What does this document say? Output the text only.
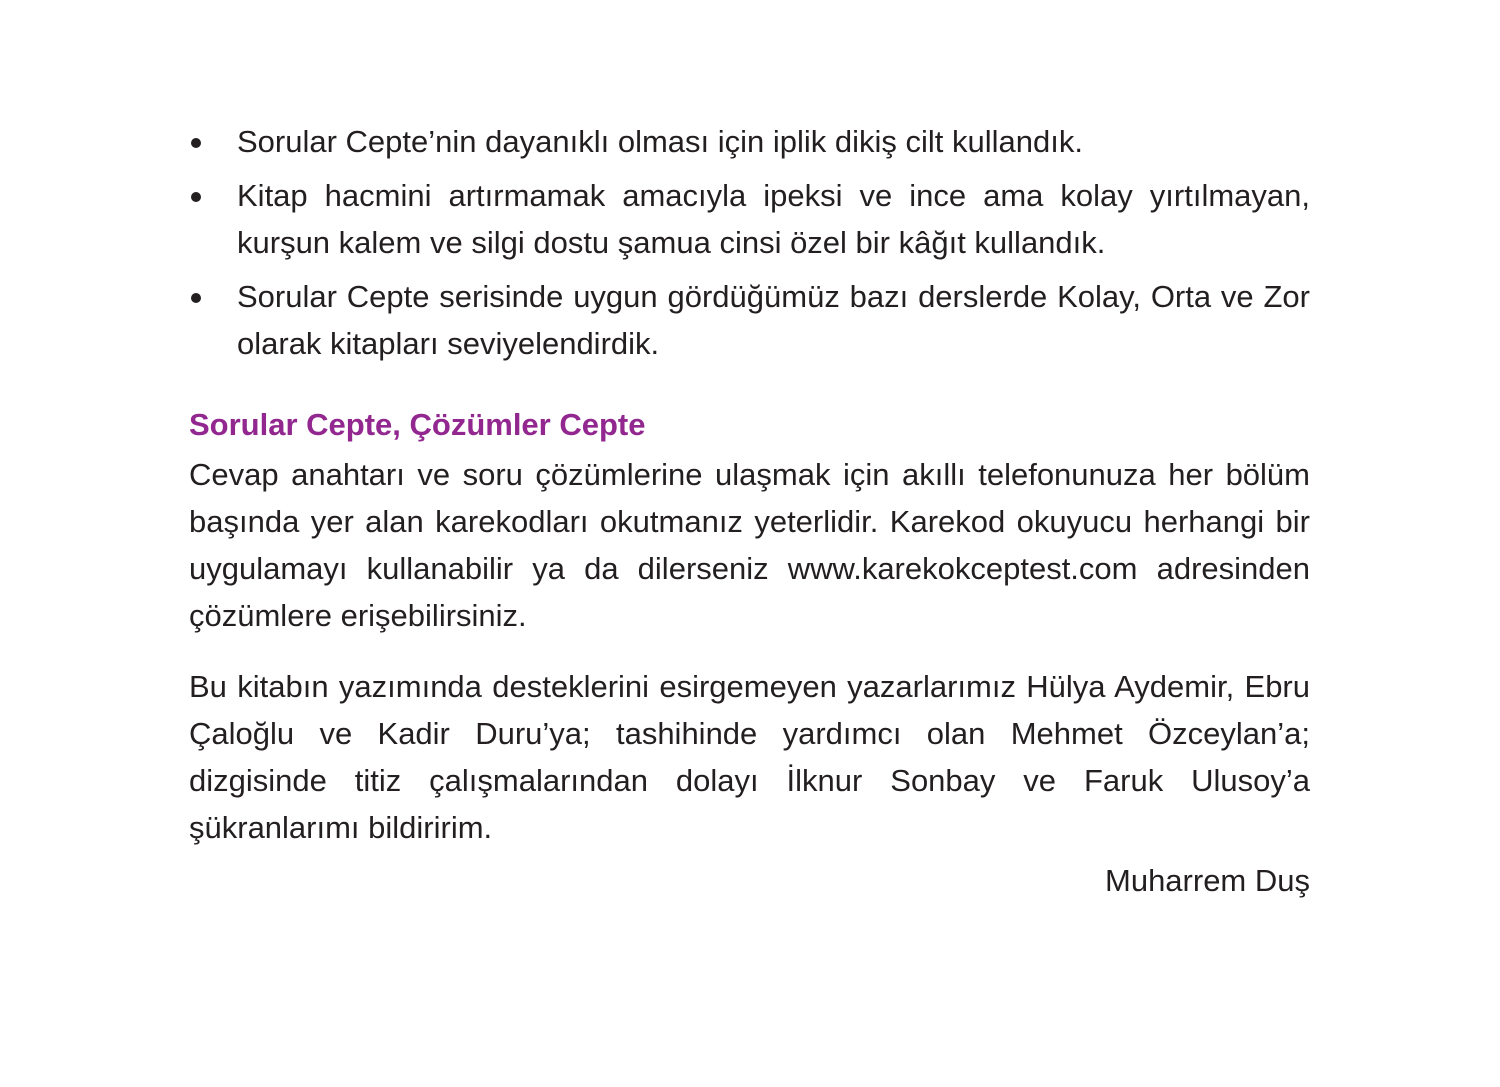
Sorular Cepte’nin dayanıklı olması için iplik dikiş cilt kullandık.
Kitap hacmini artırmamak amacıyla ipeksi ve ince ama kolay yırtılmayan, kurşun kalem ve silgi dostu şamua cinsi özel bir kâğıt kullandık.
Sorular Cepte serisinde uygun gördüğümüz bazı derslerde Kolay, Orta ve Zor olarak kitapları seviyelendirdik.
Sorular Cepte, Çözümler Cepte

Cevap anahtarı ve soru çözümlerine ulaşmak için akıllı telefonunuza her bölüm başında yer alan karekodları okutmanız yeterlidir. Karekod okuyucu herhangi bir uygulamayı kullanabilir ya da dilerseniz www.karekokceptest.com adresinden çözümlere erişebilirsiniz.

Bu kitabın yazımında desteklerini esirgemeyen yazarlarımız Hülya Aydemir, Ebru Çaloğlu ve Kadir Duru’ya; tashihinde yardımcı olan Mehmet Özceylan’a; dizgisinde titiz çalışmalarından dolayı İlknur Sonbay ve Faruk Ulusoy’a şükranlarımı bildiririm.

Muharrem Duş
